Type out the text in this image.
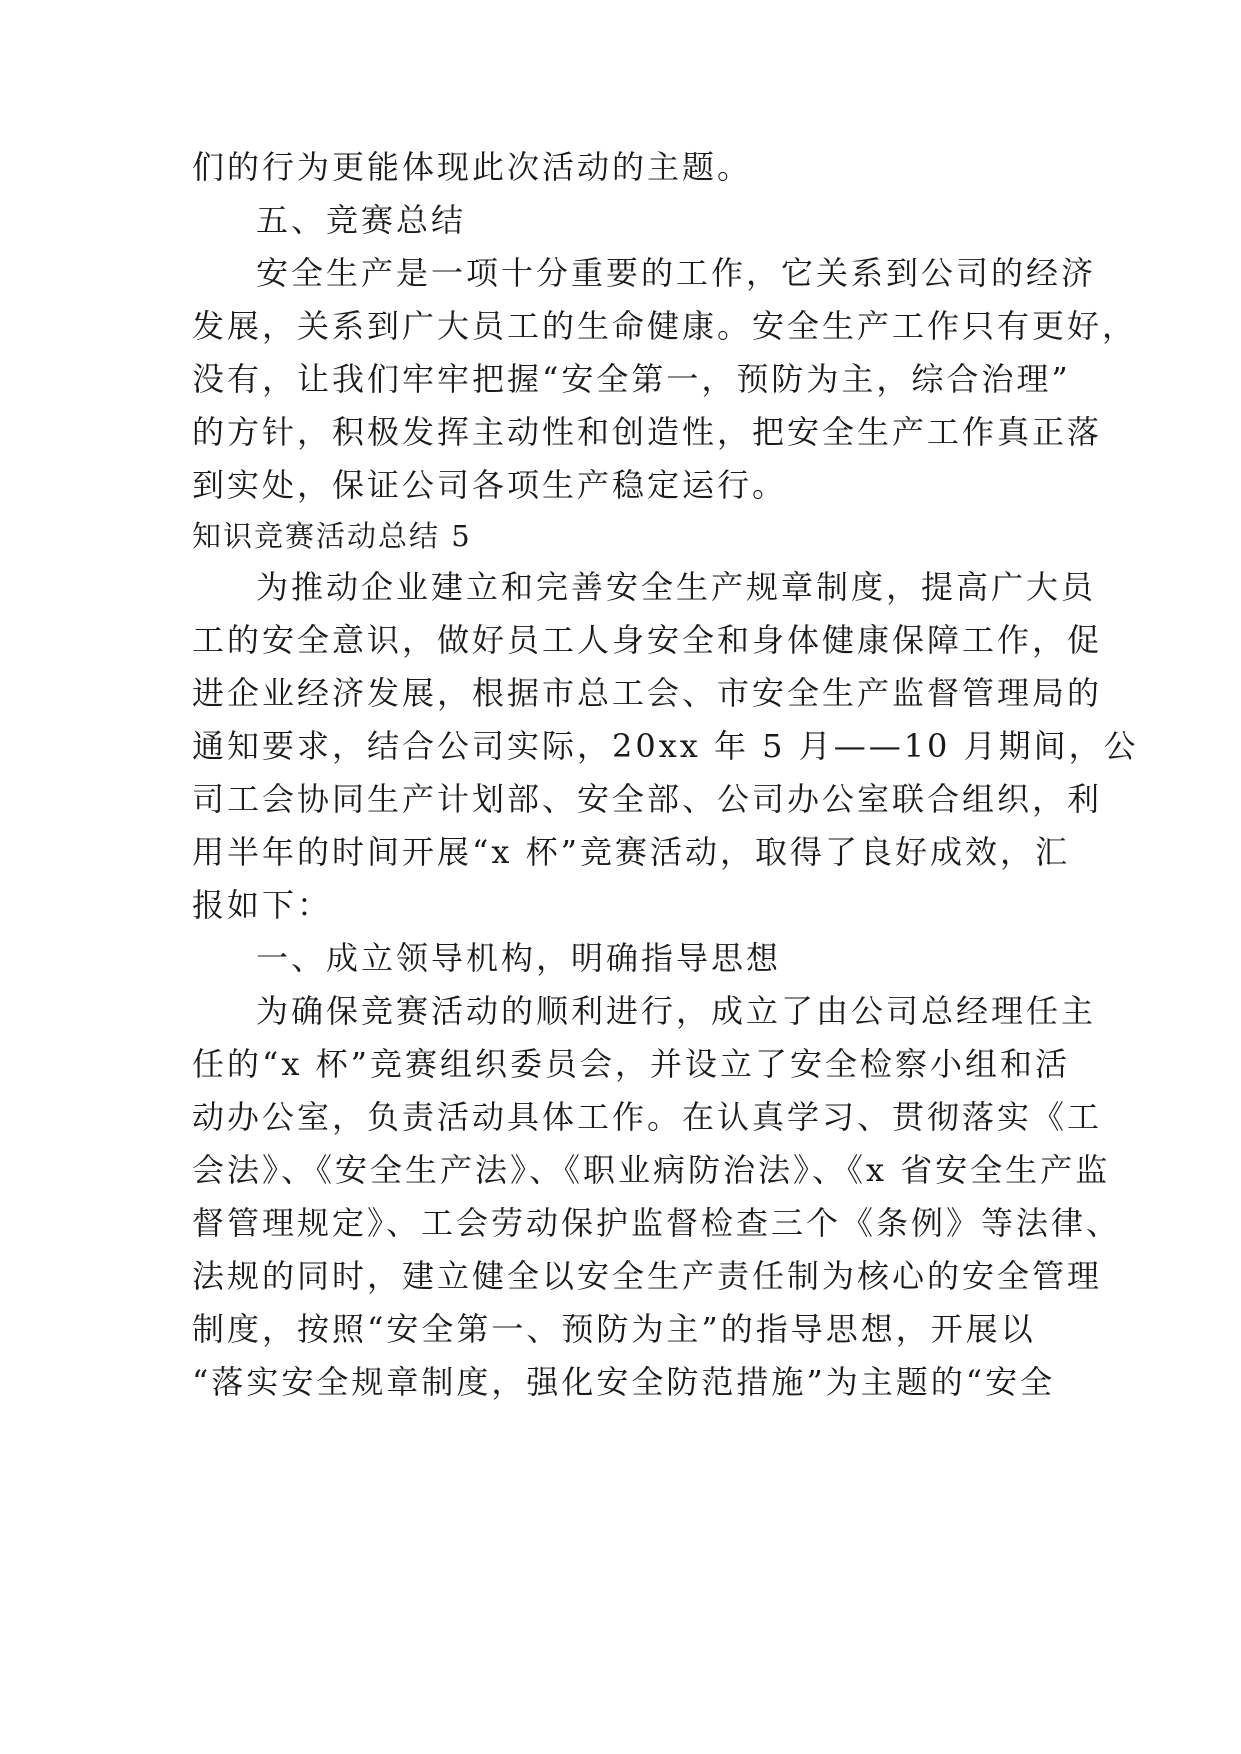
们的行为更能体现此次活动的主题。
五、竞赛总结
安全生产是一项十分重要的工作，它关系到公司的经济
发展，关系到广大员工的生命健康。安全生产工作只有更好，
没有，让我们牢牢把握“安全第一，预防为主，综合治理”
的方针，积极发挥主动性和创造性，把安全生产工作真正落
到实处，保证公司各项生产稳定运行。
知识竞赛活动总结 5
为推动企业建立和完善安全生产规章制度，提高广大员
工的安全意识，做好员工人身安全和身体健康保障工作，促
进企业经济发展，根据市总工会、市安全生产监督管理局的
通知要求，结合公司实际，20xx 年 5 月——10 月期间，公
司工会协同生产计划部、安全部、公司办公室联合组织，利
用半年的时间开展“x 杯”竞赛活动，取得了良好成效，汇
报如下：
一、成立领导机构，明确指导思想
为确保竞赛活动的顺利进行，成立了由公司总经理任主
任的“x 杯”竞赛组织委员会，并设立了安全检察小组和活
动办公室，负责活动具体工作。在认真学习、贯彻落实《工
会法》、《安全生产法》、《职业病防治法》、《x 省安全生产监
督管理规定》、工会劳动保护监督检查三个《条例》等法律、
法规的同时，建立健全以安全生产责任制为核心的安全管理
制度，按照“安全第一、预防为主”的指导思想，开展以
“落实安全规章制度，强化安全防范措施”为主题的“安全
